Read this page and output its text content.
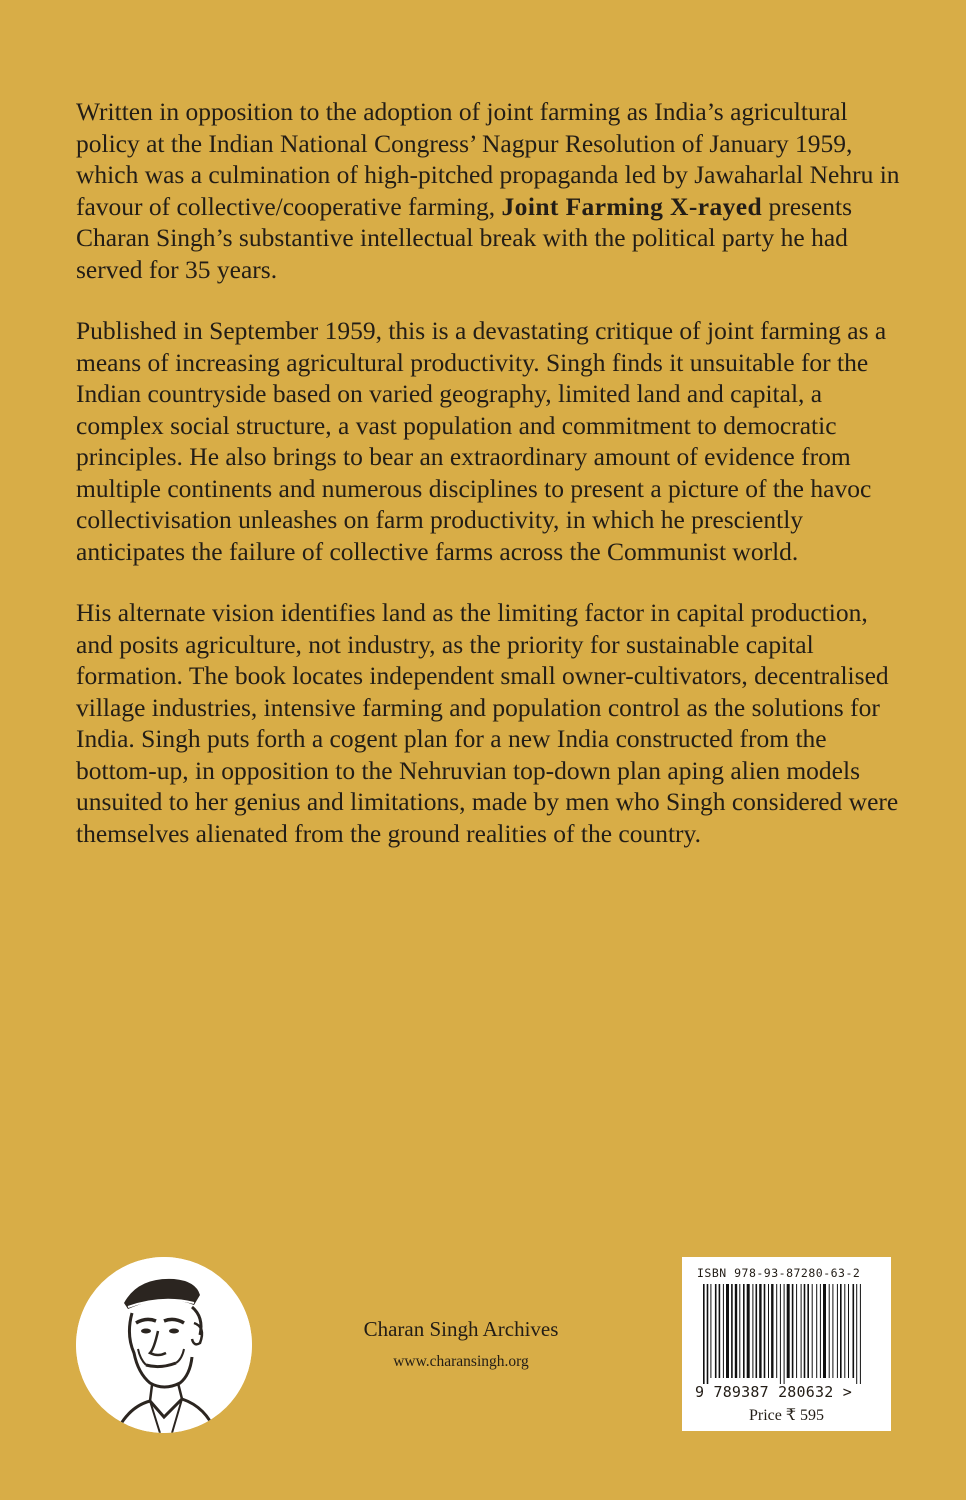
Written in opposition to the adoption of joint farming as India’s agricultural policy at the Indian National Congress’ Nagpur Resolution of January 1959, which was a culmination of high-pitched propaganda led by Jawaharlal Nehru in favour of collective/cooperative farming, Joint Farming X-rayed presents Charan Singh’s substantive intellectual break with the political party he had served for 35 years.

Published in September 1959, this is a devastating critique of joint farming as a means of increasing agricultural productivity. Singh finds it unsuitable for the Indian countryside based on varied geography, limited land and capital, a complex social structure, a vast population and commitment to democratic principles. He also brings to bear an extraordinary amount of evidence from multiple continents and numerous disciplines to present a picture of the havoc collectivisation unleashes on farm productivity, in which he presciently anticipates the failure of collective farms across the Communist world.

His alternate vision identifies land as the limiting factor in capital production, and posits agriculture, not industry, as the priority for sustainable capital formation. The book locates independent small owner-cultivators, decentralised village industries, intensive farming and population control as the solutions for India. Singh puts forth a cogent plan for a new India constructed from the bottom-up, in opposition to the Nehruvian top-down plan aping alien models unsuited to her genius and limitations, made by men who Singh considered were themselves alienated from the ground realities of the country.

Charan Singh Archives
www.charansingh.org
ISBN 978-93-87280-63-2
9 789387 280632 >
Price ₹ 595
